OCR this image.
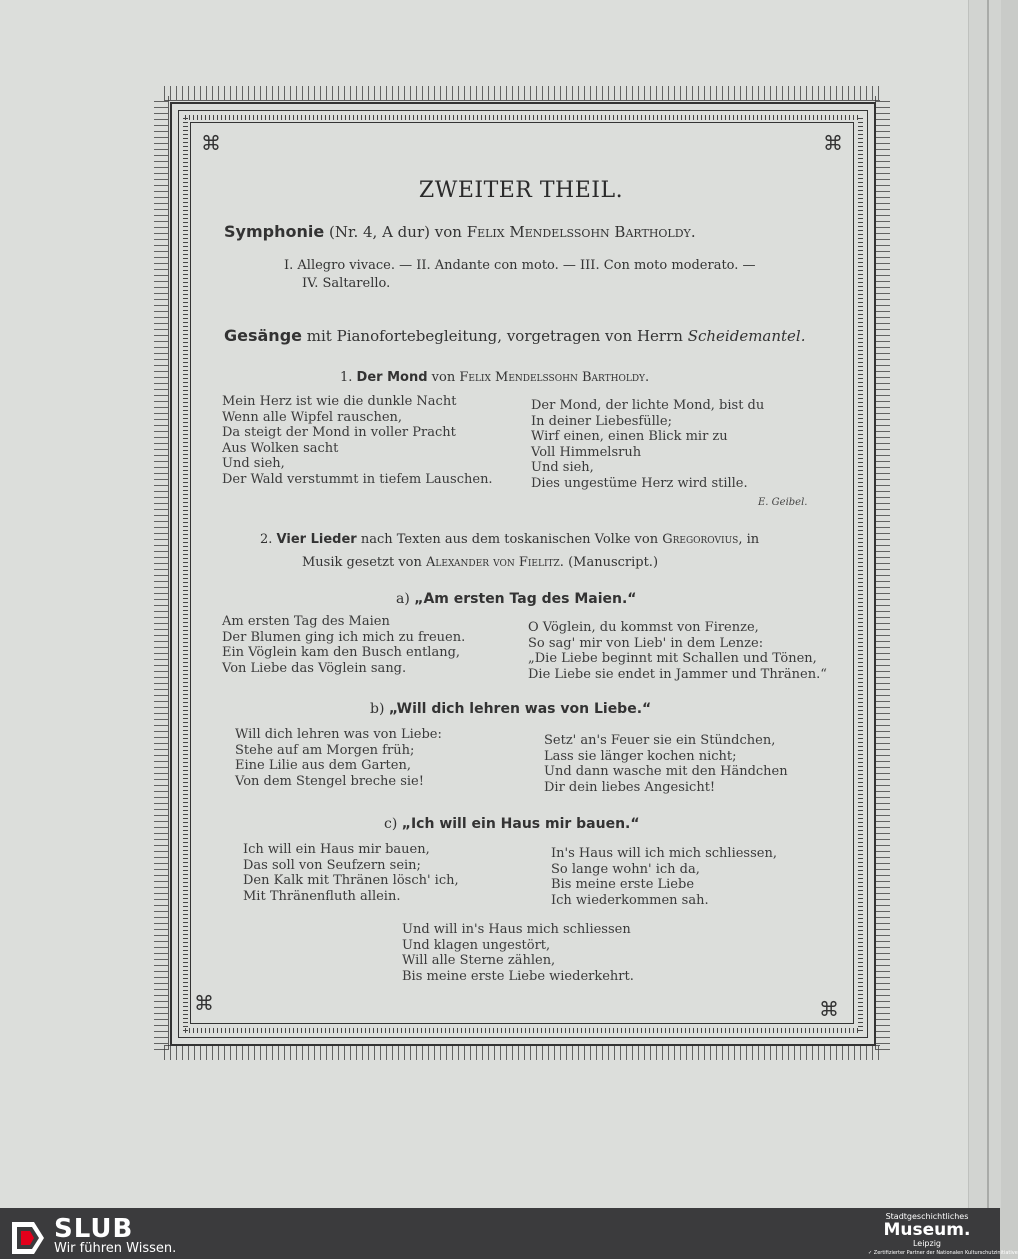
⌘	⌘
⌘	⌘
ZWEITER THEIL.
Symphonie (Nr. 4, A dur) von Felix Mendelssohn Bartholdy.
I. Allegro vivace. — II. Andante con moto. — III. Con moto moderato. —
IV. Saltarello.
Gesänge mit Pianofortebegleitung, vorgetragen von Herrn Scheidemantel.
1. Der Mond von Felix Mendelssohn Bartholdy.
Mein Herz ist wie die dunkle Nacht
Wenn alle Wipfel rauschen,
Da steigt der Mond in voller Pracht
Aus Wolken sacht
Und sieh,
Der Wald verstummt in tiefem Lauschen.
Der Mond, der lichte Mond, bist du
In deiner Liebesfülle;
Wirf einen, einen Blick mir zu
Voll Himmelsruh
Und sieh,
Dies ungestüme Herz wird stille.
E. Geibel.
2. Vier Lieder nach Texten aus dem toskanischen Volke von Gregorovius, in
Musik gesetzt von Alexander von Fielitz. (Manuscript.)
a) „Am ersten Tag des Maien.“
Am ersten Tag des Maien
Der Blumen ging ich mich zu freuen.
Ein Vöglein kam den Busch entlang,
Von Liebe das Vöglein sang.
O Vöglein, du kommst von Firenze,
So sag' mir von Lieb' in dem Lenze:
„Die Liebe beginnt mit Schallen und Tönen,
Die Liebe sie endet in Jammer und Thränen.“
b) „Will dich lehren was von Liebe.“
Will dich lehren was von Liebe:
Stehe auf am Morgen früh;
Eine Lilie aus dem Garten,
Von dem Stengel breche sie!
Setz' an's Feuer sie ein Stündchen,
Lass sie länger kochen nicht;
Und dann wasche mit den Händchen
Dir dein liebes Angesicht!
c) „Ich will ein Haus mir bauen.“
Ich will ein Haus mir bauen,
Das soll von Seufzern sein;
Den Kalk mit Thränen lösch' ich,
Mit Thränenfluth allein.
In's Haus will ich mich schliessen,
So lange wohn' ich da,
Bis meine erste Liebe
Ich wiederkommen sah.
Und will in's Haus mich schliessen
Und klagen ungestört,
Will alle Sterne zählen,
Bis meine erste Liebe wiederkehrt.
SLUB
Wir führen Wissen.
Stadtgeschichtliches
Museum.
Leipzig
✓ Zertifizierter Partner der Nationalen Kulturschutzinitiative
